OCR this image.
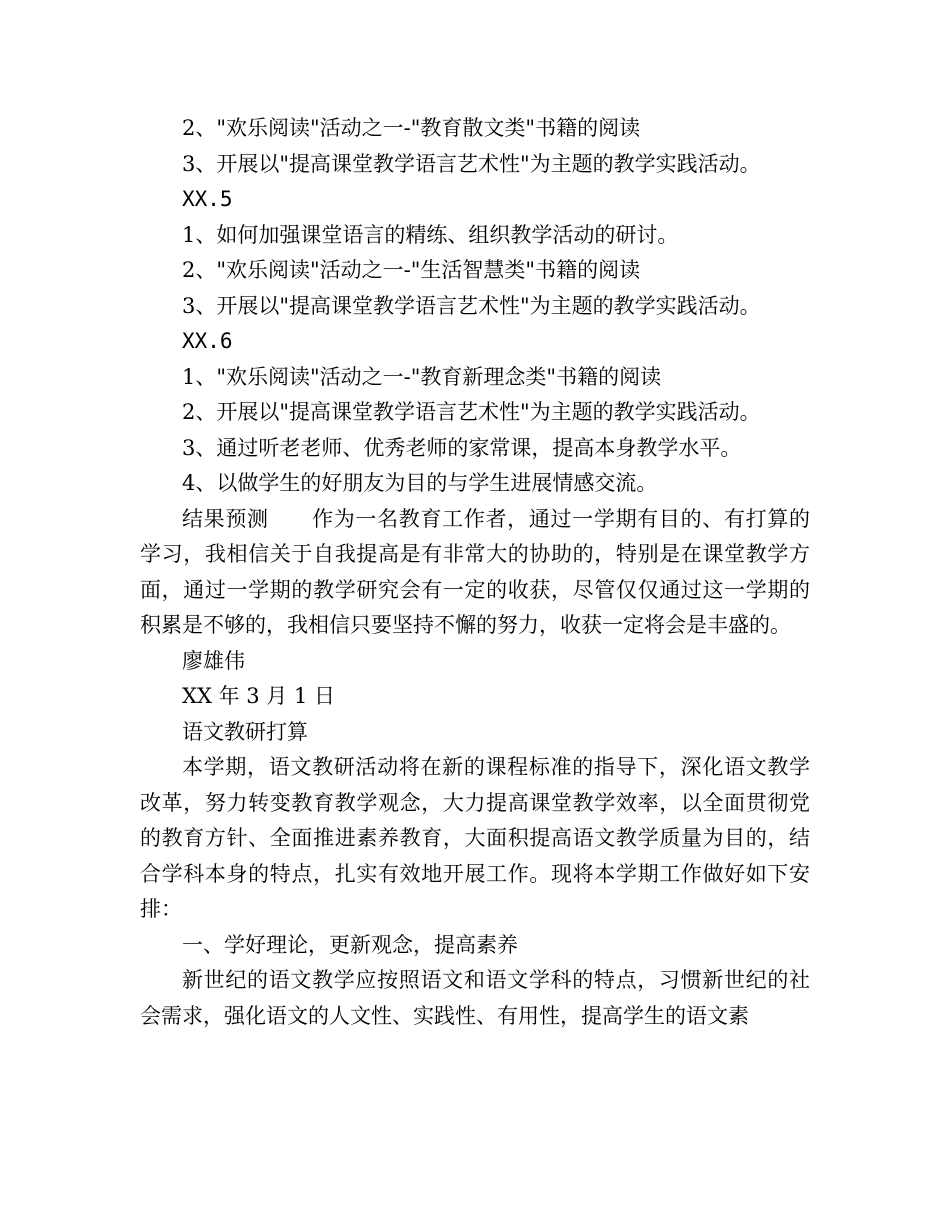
2、"欢乐阅读"活动之一-"教育散文类"书籍的阅读
3、开展以"提高课堂教学语言艺术性"为主题的教学实践活动。
XX.5
1、如何加强课堂语言的精练、组织教学活动的研讨。
2、"欢乐阅读"活动之一-"生活智慧类"书籍的阅读
3、开展以"提高课堂教学语言艺术性"为主题的教学实践活动。
XX.6
1、"欢乐阅读"活动之一-"教育新理念类"书籍的阅读
2、开展以"提高课堂教学语言艺术性"为主题的教学实践活动。
3、通过听老老师、优秀老师的家常课，提高本身教学水平。
4、以做学生的好朋友为目的与学生进展情感交流。
结果预测　　作为一名教育工作者，通过一学期有目的、有打算的学习，我相信关于自我提高是有非常大的协助的，特别是在课堂教学方面，通过一学期的教学研究会有一定的收获，尽管仅仅通过这一学期的积累是不够的，我相信只要坚持不懈的努力，收获一定将会是丰盛的。
廖雄伟
XX 年 3 月 1 日
语文教研打算
本学期，语文教研活动将在新的课程标准的指导下，深化语文教学改革，努力转变教育教学观念，大力提高课堂教学效率，以全面贯彻党的教育方针、全面推进素养教育，大面积提高语文教学质量为目的，结合学科本身的特点，扎实有效地开展工作。现将本学期工作做好如下安排：
一、学好理论，更新观念，提高素养
新世纪的语文教学应按照语文和语文学科的特点，习惯新世纪的社会需求，强化语文的人文性、实践性、有用性，提高学生的语文素
